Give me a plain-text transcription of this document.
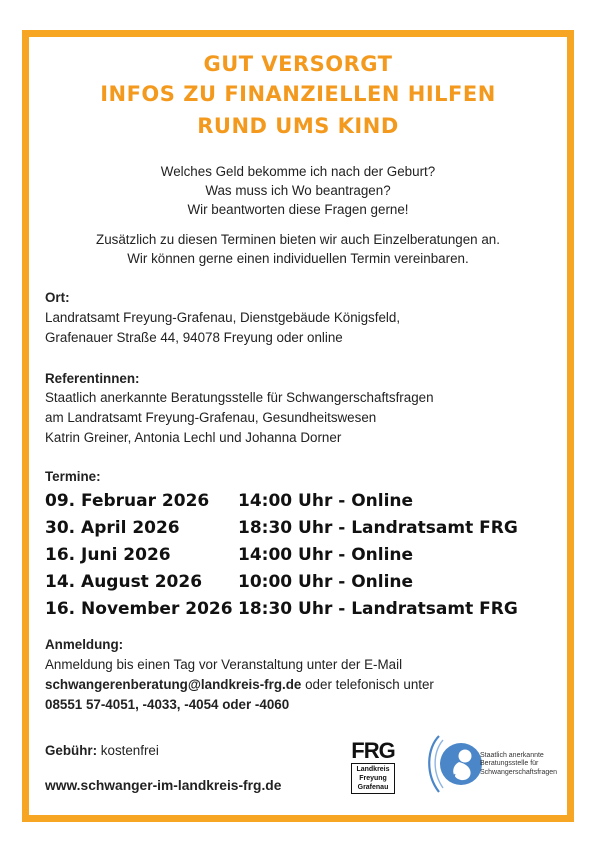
GUT VERSORGT
INFOS ZU FINANZIELLEN HILFEN
RUND UMS KIND
Welches Geld bekomme ich nach der Geburt?
Was muss ich Wo beantragen?
Wir beantworten diese Fragen gerne!
Zusätzlich zu diesen Terminen bieten wir auch Einzelberatungen an.
Wir können gerne einen individuellen Termin vereinbaren.
Ort:
Landratsamt Freyung-Grafenau, Dienstgebäude Königsfeld,
Grafenauer Straße 44, 94078 Freyung oder online
Referentinnen:
Staatlich anerkannte Beratungsstelle für Schwangerschaftsfragen
am Landratsamt Freyung-Grafenau, Gesundheitswesen
Katrin Greiner, Antonia Lechl und Johanna Dorner
Termine:
09. Februar 2026 14:00 Uhr - Online
30. April 2026	18:30 Uhr - Landratsamt FRG
16. Juni 2026	14:00 Uhr - Online
14. August 2026 10:00 Uhr - Online
16. November 2026 18:30 Uhr - Landratsamt FRG
Anmeldung:
Anmeldung bis einen Tag vor Veranstaltung unter der E-Mail
schwangerenberatung@landkreis-frg.de oder telefonisch unter
08551 57-4051, -4033, -4054 oder -4060
Gebühr: kostenfrei
www.schwanger-im-landkreis-frg.de
FRG
Landkreis
Freyung
Grafenau
Staatlich anerkannte
Beratungsstelle für
Schwangerschaftsfragen
